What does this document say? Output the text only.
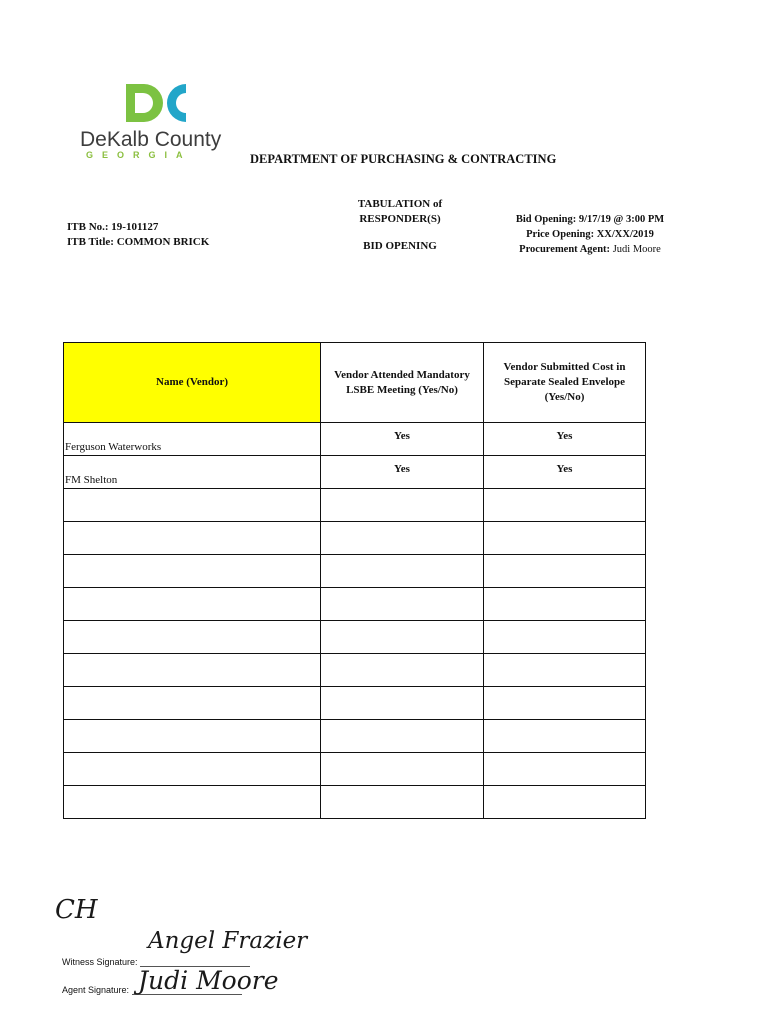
DeKalb County
GEORGIA	DEPARTMENT OF PURCHASING & CONTRACTING
ITB No.: 19-101127
ITB Title: COMMON BRICK
TABULATION of
RESPONDER(S)
BID OPENING
Bid Opening: 9/17/19 @ 3:00 PM
Price Opening: XX/XX/2019
Procurement Agent: Judi Moore
Name (Vendor)	Vendor Attended Mandatory LSBE Meeting (Yes/No)	Vendor Submitted Cost in Separate Sealed Envelope (Yes/No)
Ferguson Waterworks	Yes	Yes
FM Shelton	Yes	Yes

CH
Witness Signature:
Angel Frazier
Agent Signature: Judi Moore
